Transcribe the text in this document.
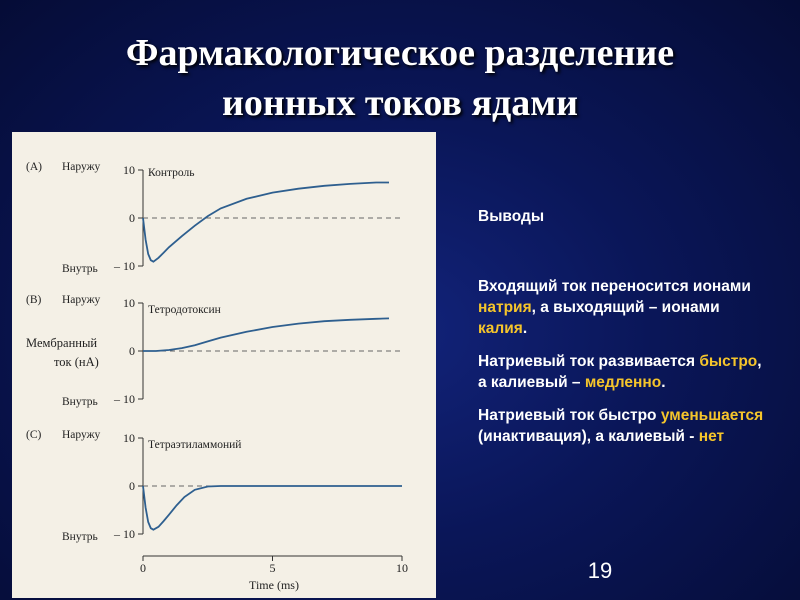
Фармакологическое разделение
ионных токов ядами
Мембранный
ток (нА)
Time (ms)
10
0
– 10
(A) Наружу
Внутрь
Контроль
10
0
– 10
(B) Наружу
Внутрь
Тетродотоксин
10
0
– 10
(C) Наружу
Внутрь
Тетраэтиламмоний
0	5	10

Выводы

Входящий ток переносится ионами натрия, а выходящий – ионами калия.

Натриевый ток развивается быстро, а калиевый – медленно.

Натриевый ток быстро уменьшается (инактивация), а калиевый - нет

19
